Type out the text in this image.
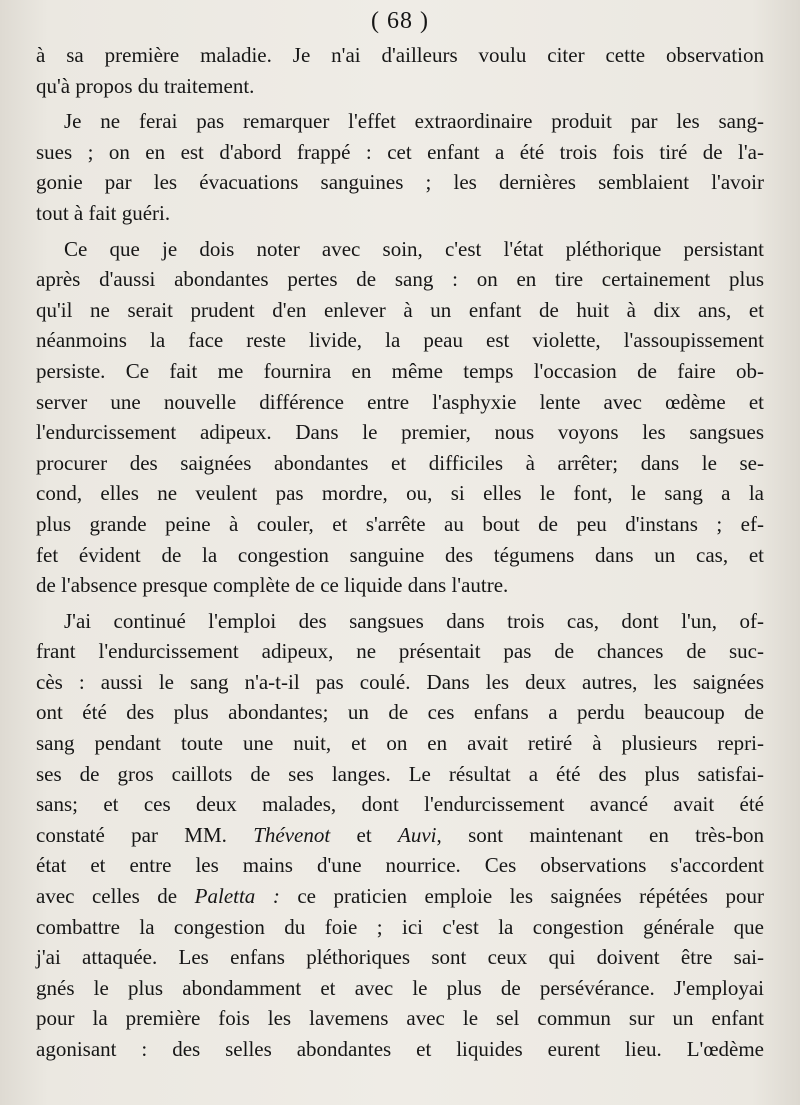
( 68 )
à sa première maladie. Je n'ai d'ailleurs voulu citer cette observation
qu'à propos du traitement.
Je ne ferai pas remarquer l'effet extraordinaire produit par les sang-
sues ; on en est d'abord frappé : cet enfant a été trois fois tiré de l'a-
gonie par les évacuations sanguines ; les dernières semblaient l'avoir
tout à fait guéri.
Ce que je dois noter avec soin, c'est l'état pléthorique persistant
après d'aussi abondantes pertes de sang : on en tire certainement plus
qu'il ne serait prudent d'en enlever à un enfant de huit à dix ans, et
néanmoins la face reste livide, la peau est violette, l'assoupissement
persiste. Ce fait me fournira en même temps l'occasion de faire ob-
server une nouvelle différence entre l'asphyxie lente avec œdème et
l'endurcissement adipeux. Dans le premier, nous voyons les sangsues
procurer des saignées abondantes et difficiles à arrêter; dans le se-
cond, elles ne veulent pas mordre, ou, si elles le font, le sang a la
plus grande peine à couler, et s'arrête au bout de peu d'instans ; ef-
fet évident de la congestion sanguine des tégumens dans un cas, et
de l'absence presque complète de ce liquide dans l'autre.
J'ai continué l'emploi des sangsues dans trois cas, dont l'un, of-
frant l'endurcissement adipeux, ne présentait pas de chances de suc-
cès : aussi le sang n'a-t-il pas coulé. Dans les deux autres, les saignées
ont été des plus abondantes; un de ces enfans a perdu beaucoup de
sang pendant toute une nuit, et on en avait retiré à plusieurs repri-
ses de gros caillots de ses langes. Le résultat a été des plus satisfai-
sans; et ces deux malades, dont l'endurcissement avancé avait été
constaté par MM. Thévenot et Auvi, sont maintenant en très-bon
état et entre les mains d'une nourrice. Ces observations s'accordent
avec celles de Paletta : ce praticien emploie les saignées répétées pour
combattre la congestion du foie ; ici c'est la congestion générale que
j'ai attaquée. Les enfans pléthoriques sont ceux qui doivent être sai-
gnés le plus abondamment et avec le plus de persévérance. J'employai
pour la première fois les lavemens avec le sel commun sur un enfant
agonisant : des selles abondantes et liquides eurent lieu. L'œdème
